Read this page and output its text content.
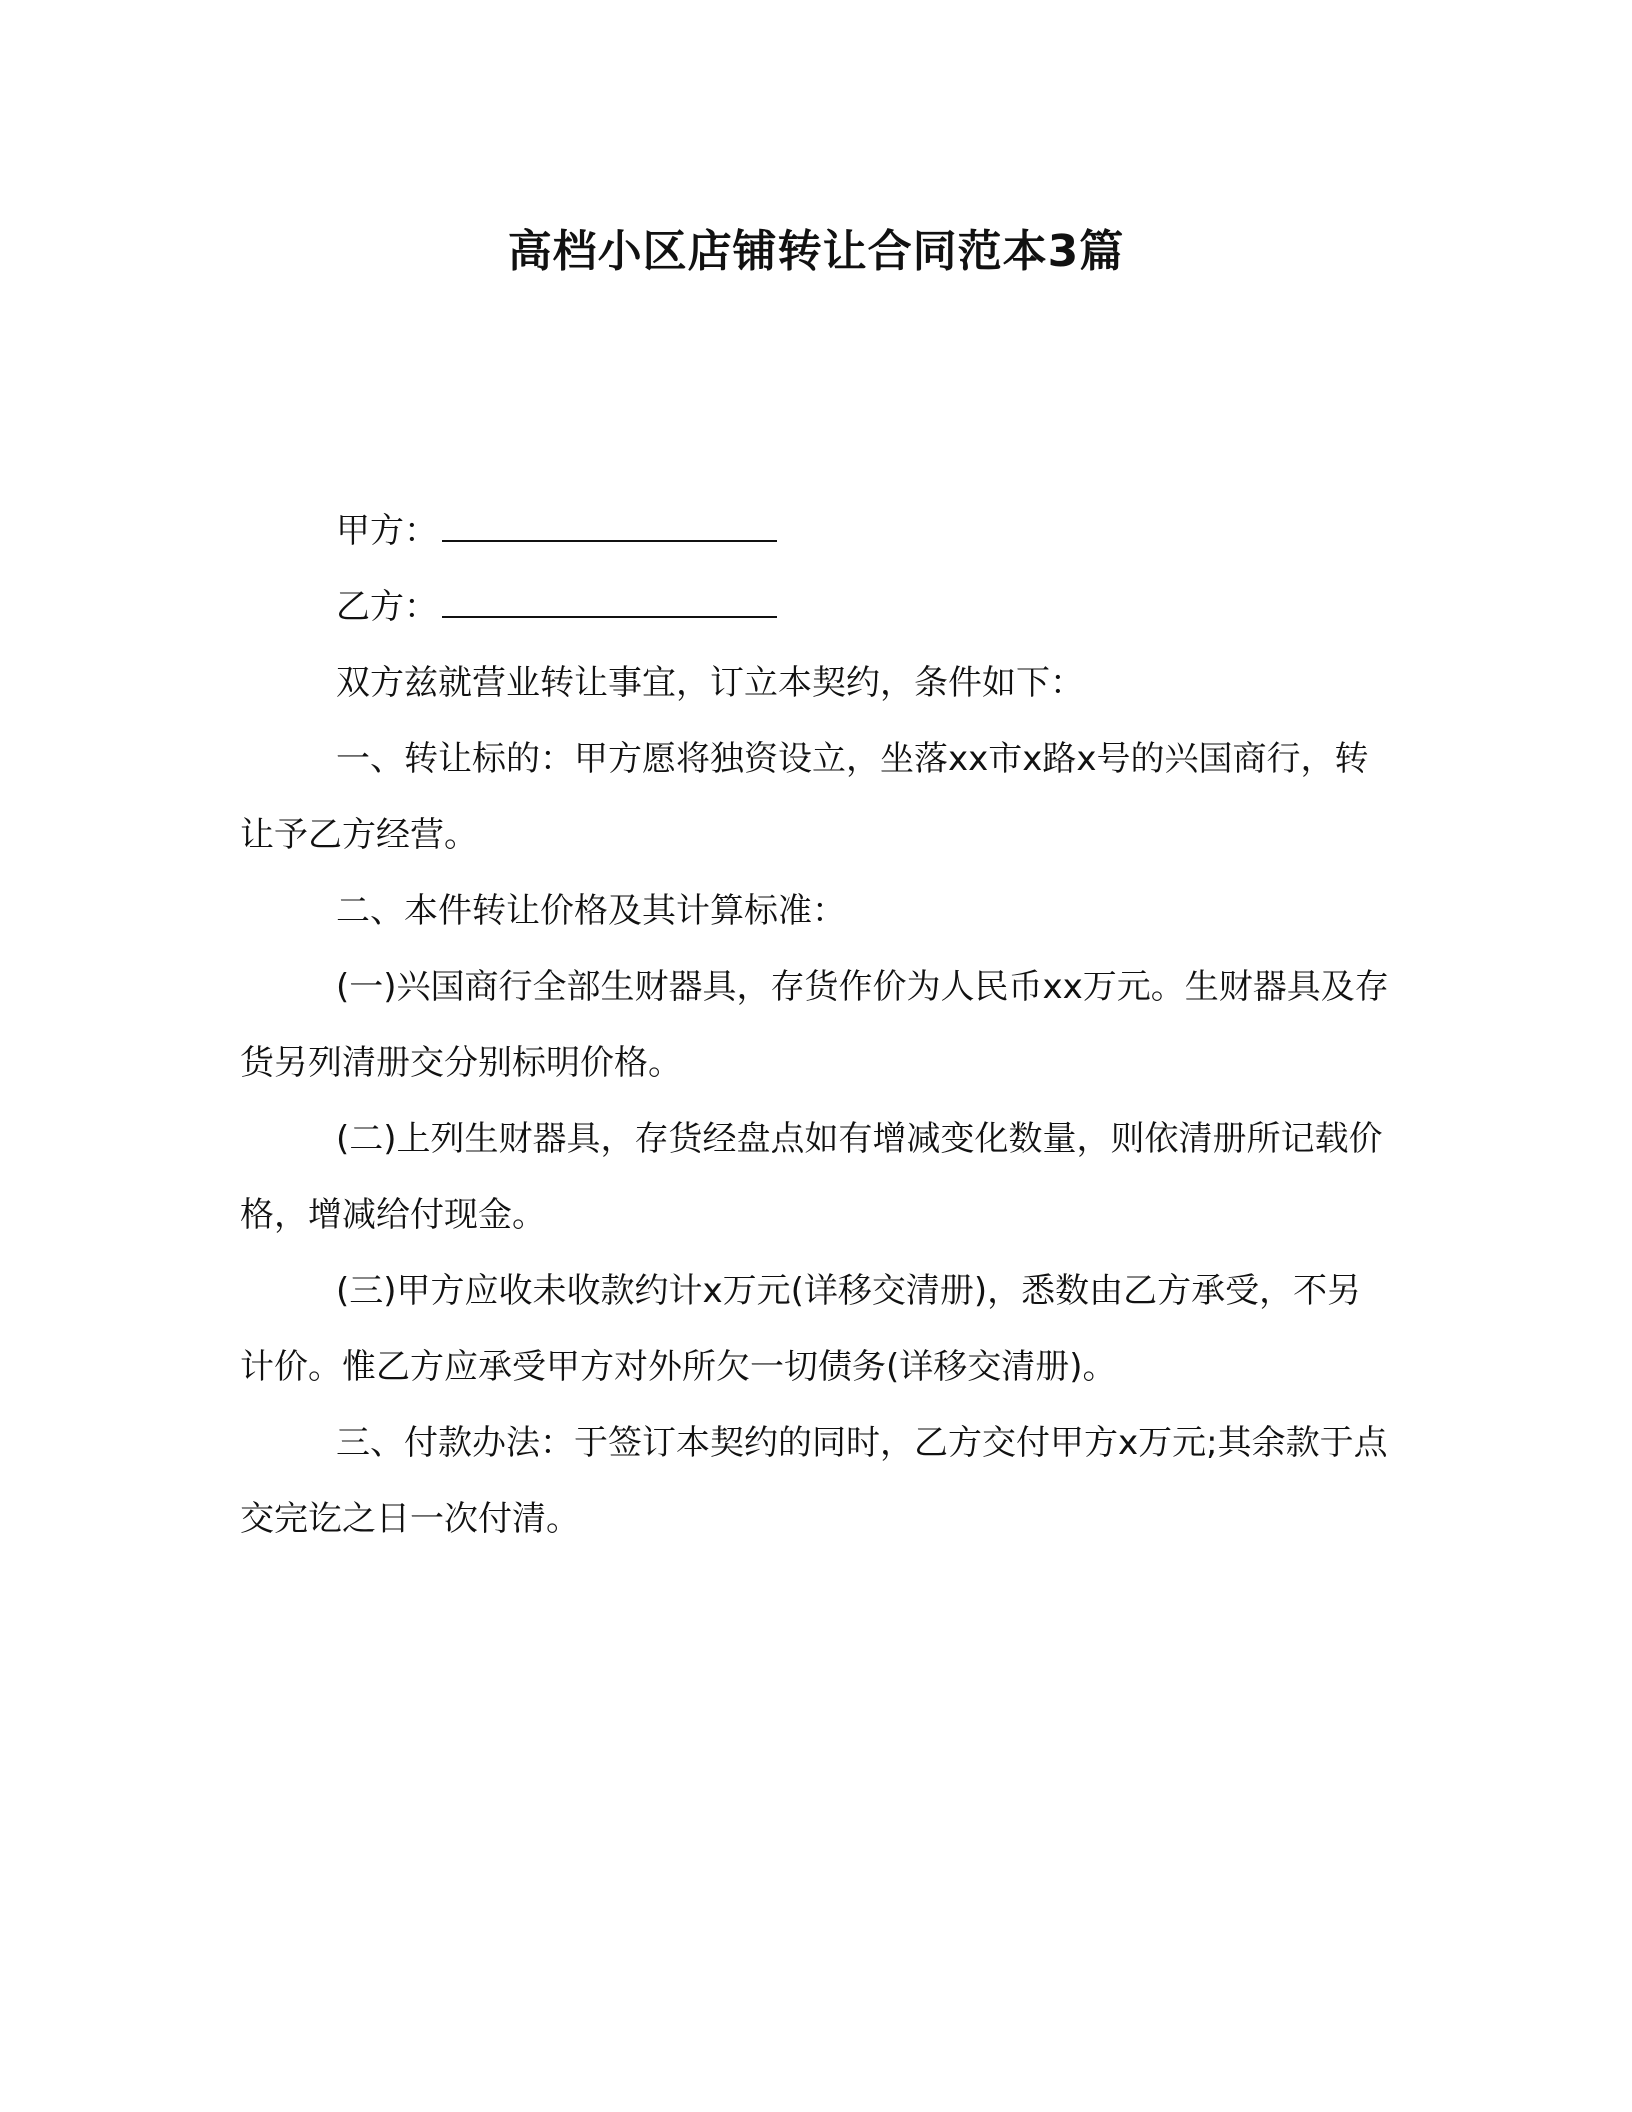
高档小区店铺转让合同范本3篇

甲方：

乙方：

双方兹就营业转让事宜，订立本契约，条件如下：

一、转让标的：甲方愿将独资设立，坐落xx市x路x号的兴国商行，转让予乙方经营。

二、本件转让价格及其计算标准：

(一)兴国商行全部生财器具，存货作价为人民币xx万元。生财器具及存货另列清册交分别标明价格。

(二)上列生财器具，存货经盘点如有增减变化数量，则依清册所记载价格，增减给付现金。

(三)甲方应收未收款约计x万元(详移交清册)，悉数由乙方承受，不另计价。惟乙方应承受甲方对外所欠一切债务(详移交清册)。

三、付款办法：于签订本契约的同时，乙方交付甲方x万元;其余款于点交完讫之日一次付清。
